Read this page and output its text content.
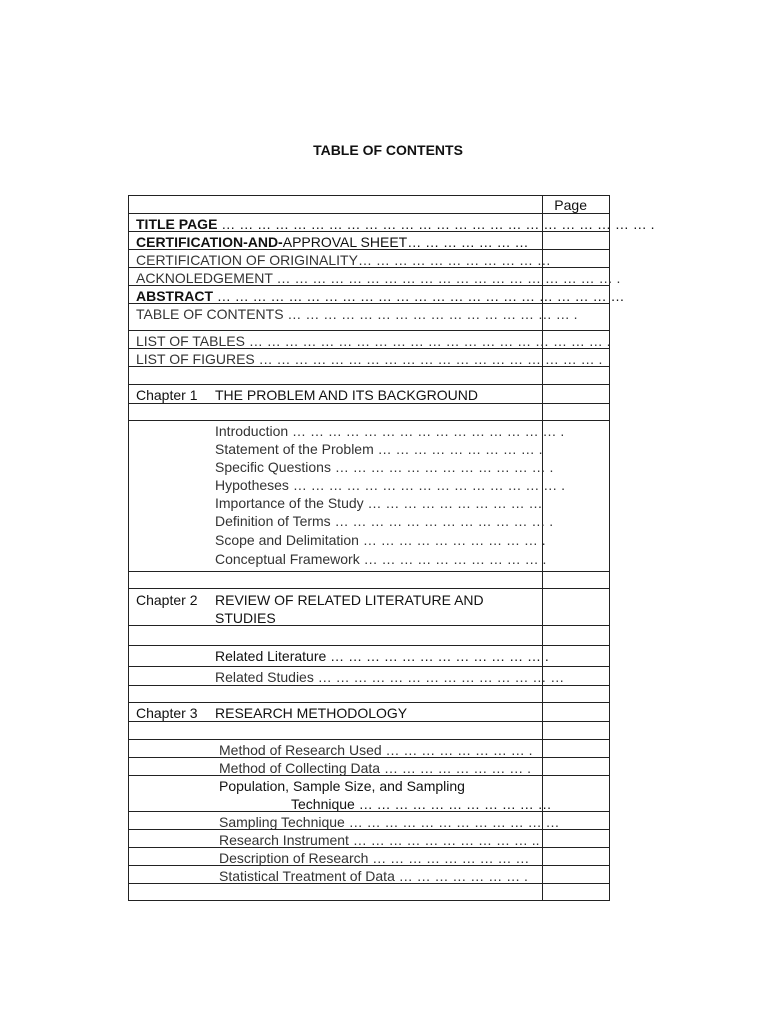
TABLE OF CONTENTS
Page
TITLE PAGE … … … … … … … … … … … … … … … … … … … … … … … … .
CERTIFICATION-AND-APPROVAL SHEET… … … … … … …
CERTIFICATION OF ORIGINALITY… … … … … … … … … … …
ACKNOLEDGEMENT … … … … … … … … … … … … … … … … … … … .
ABSTRACT … … … … … … … … … … … … … … … … … … … … … … …
TABLE OF CONTENTS … … … … … … … … … … … … … … … … .
LIST OF TABLES … … … … … … … … … … … … … … … … … … … … .
LIST OF FIGURES … … … … … … … … … … … … … … … … … … … .
Chapter 1 THE PROBLEM AND ITS BACKGROUND
Introduction … … … … … … … … … … … … … … … .
Statement of the Problem … … … … … … … … … .
Specific Questions … … … … … … … … … … … … .
Hypotheses … … … … … … … … … … … … … … … .
Importance of the Study … … … … … … … … … …
Definition of Terms … … … … … … … … … … … … .
Scope and Delimitation … … … … … … … … … … .
Conceptual Framework … … … … … … … … … … .
Chapter 2 REVIEW OF RELATED LITERATURE AND
STUDIES
Related Literature … … … … … … … … … … … … .
Related Studies … … … … … … … … … … … … … …
Chapter 3 RESEARCH METHODOLOGY
Method of Research Used … … … … … … … … .
Method of Collecting Data … … … … … … … … .
Population, Sample Size, and Sampling
Technique … … … … … … … … … … …
Sampling Technique … … … … … … … … … … … …
Research Instrument … … … … … … … … … … ..
Description of Research … … … … … … … … …
Statistical Treatment of Data … … … … … … … .
